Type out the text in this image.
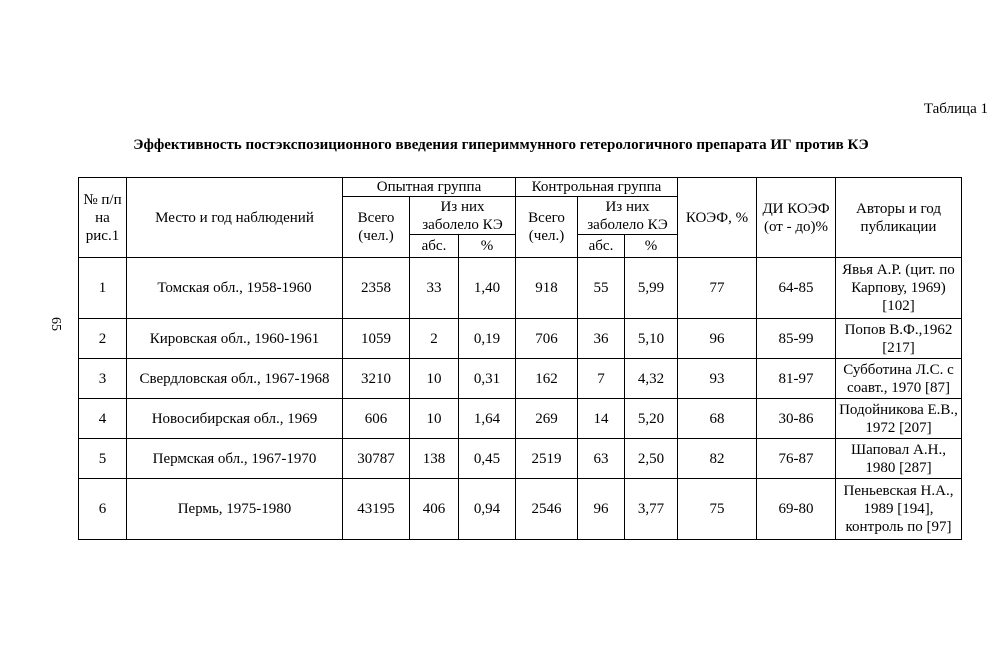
Таблица 1
Эффективность постэкспозиционного введения гипериммунного гетерологичного препарата ИГ против КЭ
65
№ п/п на рис.1	Место и год наблюдений	Опытная группа			Контрольная группа			КОЭФ, %	ДИ КОЭФ (от - до)%	Авторы и год публикации
		Всего (чел.)	Из них заболело КЭ		Всего (чел.)	Из них заболело КЭ				
			абс.	%		абс.	%			
1	Томская обл., 1958-1960	2358	33	1,40	918	55	5,99	77	64-85	Явья А.Р. (цит. по Карпову, 1969) [102]
2	Кировская обл., 1960-1961	1059	2	0,19	706	36	5,10	96	85-99	Попов В.Ф.,1962 [217]
3	Свердловская обл., 1967-1968	3210	10	0,31	162	7	4,32	93	81-97	Субботина Л.С. с соавт., 1970 [87]
4	Новосибирская обл., 1969	606	10	1,64	269	14	5,20	68	30-86	Подойникова Е.В., 1972 [207]
5	Пермская обл., 1967-1970	30787	138	0,45	2519	63	2,50	82	76-87	Шаповал А.Н., 1980 [287]
6	Пермь, 1975-1980	43195	406	0,94	2546	96	3,77	75	69-80	Пеньевская Н.А., 1989 [194], контроль по [97]
